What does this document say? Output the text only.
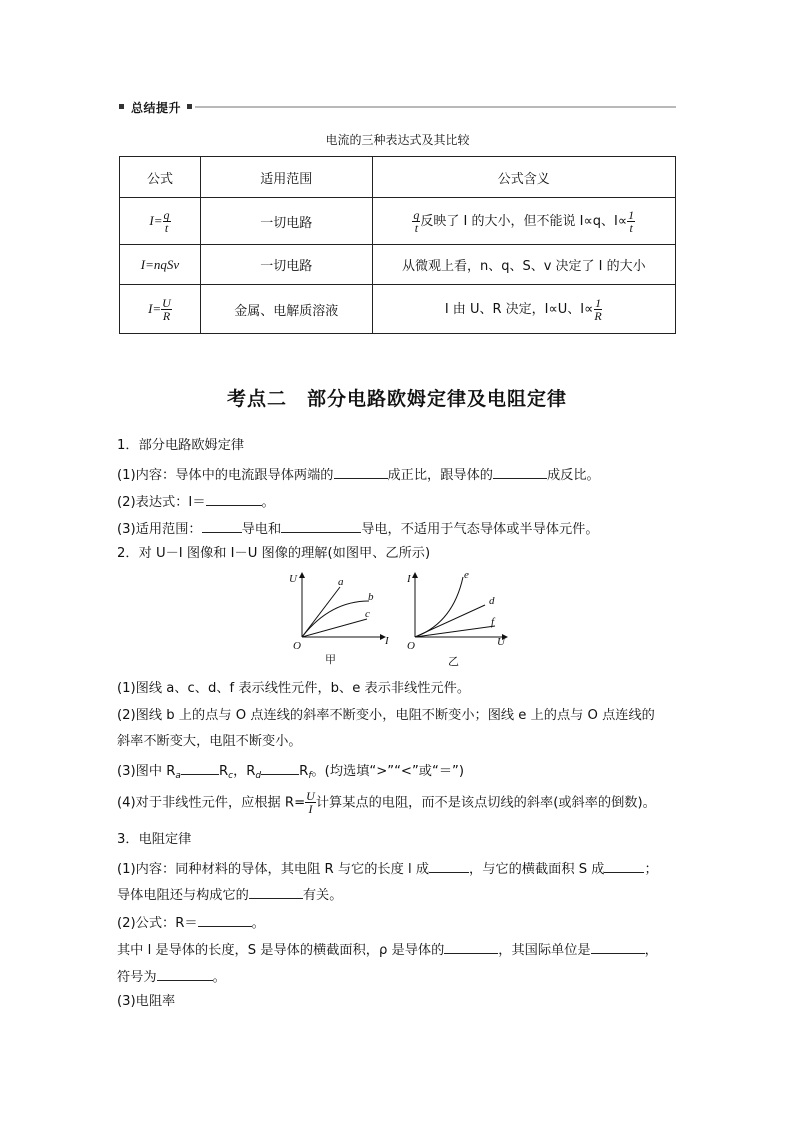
总结提升
电流的三种表达式及其比较
公式	适用范围	公式含义
$I= \frac{q}{t}$	一切电路	$\frac{q}{t}$ 反映了 I 的大小，但不能说 I∝q、$I\propto \frac{1}{t}$

I=nqSv	一切电路	从微观上看，n、q、S、v 决定了 I 的大小
$I= \frac{U}{R}$	金属、电解质溶液	I 由 U、R 决定，I∝U、$I\propto \frac{1}{R}$
考点二　部分电路欧姆定律及电阻定律
1．部分电路欧姆定律
(1)内容：导体中的电流跟导体两端的	成正比，跟导体的	成反比。
(2)表达式：I＝	。
(3)适用范围：	导电和	导电，不适用于气态导体或半导体元件。
2．对 U－I 图像和 I－U 图像的理解(如图甲、乙所示)
U
I
O
a
b
c
甲
I
U
O
e
d
f
乙
(1)图线 a、c、d、f 表示线性元件，b、e 表示非线性元件。
(2)图线 b 上的点与 O 点连线的斜率不断变小，电阻不断变小；图线 e 上的点与 O 点连线的
斜率不断变大，电阻不断变小。
(3)图中 $R_a$	$R_c$，$R_d$	$R_f$。(均选填“>”“<”或“＝”)
(4)对于非线性元件，应根据 $R= \frac{U}{I}$ 计算某点的电阻，而不是该点切线的斜率(或斜率的倒数)。
3．电阻定律
(1)内容：同种材料的导体，其电阻 R 与它的长度 l 成	，与它的横截面积 S 成	；
导体电阻还与构成它的	有关。
(2)公式：R＝	。
其中 l 是导体的长度，S 是导体的横截面积，ρ 是导体的	，其国际单位是	，
符号为	。
(3)电阻率
